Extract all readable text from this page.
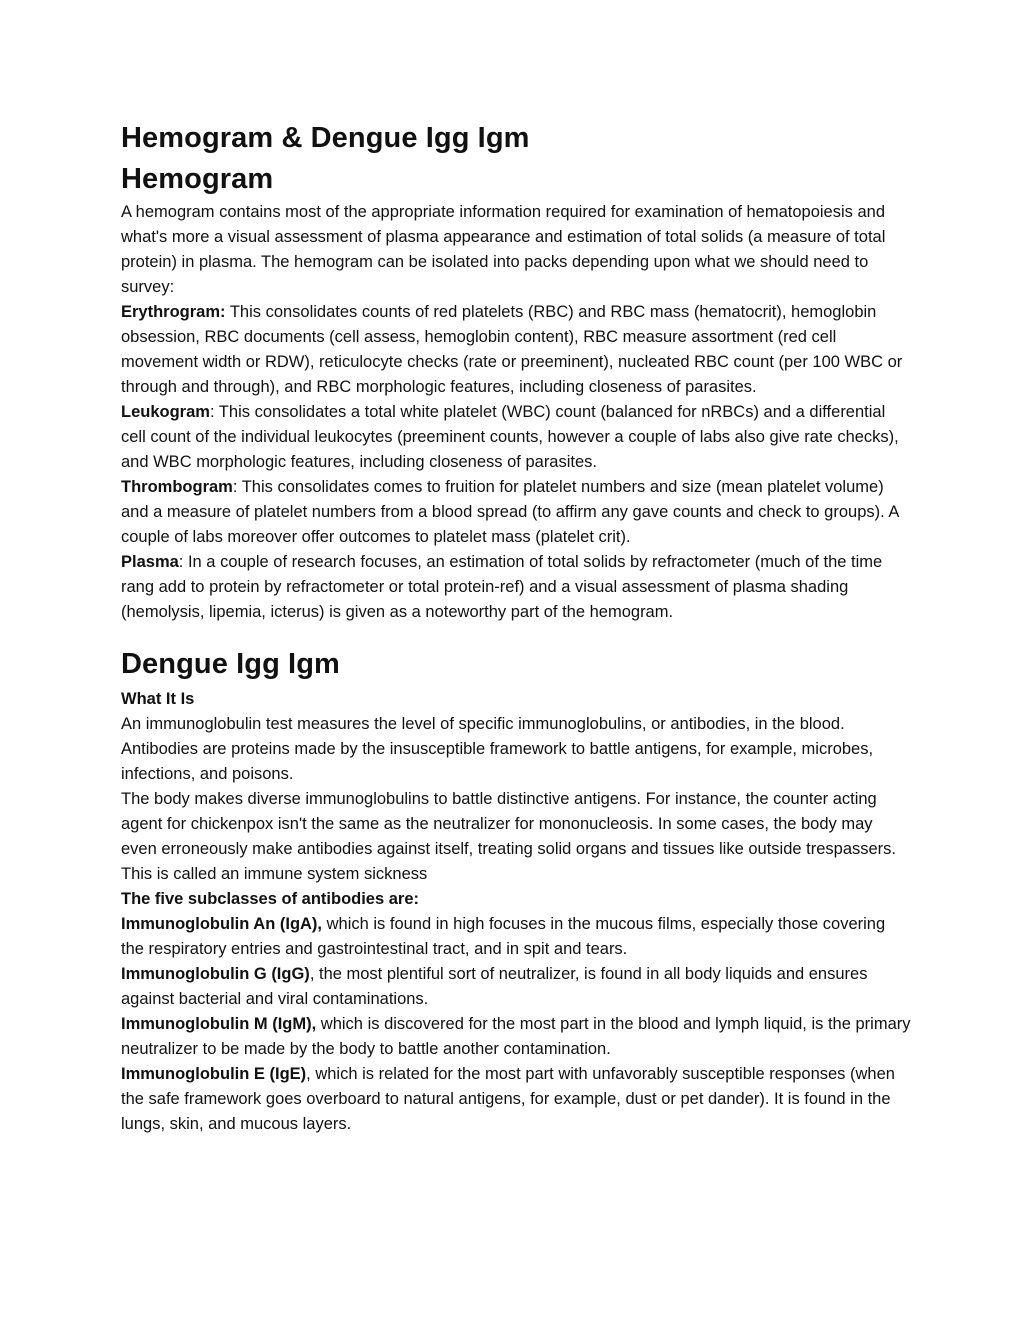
Hemogram & Dengue Igg Igm
Hemogram

A hemogram contains most of the appropriate information required for examination of hematopoiesis and what's more a visual assessment of plasma appearance and estimation of total solids (a measure of total protein) in plasma. The hemogram can be isolated into packs depending upon what we should need to survey:

Erythrogram: This consolidates counts of red platelets (RBC) and RBC mass (hematocrit), hemoglobin obsession, RBC documents (cell assess, hemoglobin content), RBC measure assortment (red cell movement width or RDW), reticulocyte checks (rate or preeminent), nucleated RBC count (per 100 WBC or through and through), and RBC morphologic features, including closeness of parasites.

Leukogram: This consolidates a total white platelet (WBC) count (balanced for nRBCs) and a differential cell count of the individual leukocytes (preeminent counts, however a couple of labs also give rate checks), and WBC morphologic features, including closeness of parasites.

Thrombogram: This consolidates comes to fruition for platelet numbers and size (mean platelet volume) and a measure of platelet numbers from a blood spread (to affirm any gave counts and check to groups). A couple of labs moreover offer outcomes to platelet mass (platelet crit).

Plasma: In a couple of research focuses, an estimation of total solids by refractometer (much of the time rang add to protein by refractometer or total protein-ref) and a visual assessment of plasma shading (hemolysis, lipemia, icterus) is given as a noteworthy part of the hemogram.

Dengue Igg Igm

What It Is

An immunoglobulin test measures the level of specific immunoglobulins, or antibodies, in the blood. Antibodies are proteins made by the insusceptible framework to battle antigens, for example, microbes, infections, and poisons.

The body makes diverse immunoglobulins to battle distinctive antigens. For instance, the counter acting agent for chickenpox isn't the same as the neutralizer for mononucleosis. In some cases, the body may even erroneously make antibodies against itself, treating solid organs and tissues like outside trespassers. This is called an immune system sickness

The five subclasses of antibodies are:

Immunoglobulin An (IgA), which is found in high focuses in the mucous films, especially those covering the respiratory entries and gastrointestinal tract, and in spit and tears.

Immunoglobulin G (IgG), the most plentiful sort of neutralizer, is found in all body liquids and ensures against bacterial and viral contaminations.

Immunoglobulin M (IgM), which is discovered for the most part in the blood and lymph liquid, is the primary neutralizer to be made by the body to battle another contamination.

Immunoglobulin E (IgE), which is related for the most part with unfavorably susceptible responses (when the safe framework goes overboard to natural antigens, for example, dust or pet dander). It is found in the lungs, skin, and mucous layers.
